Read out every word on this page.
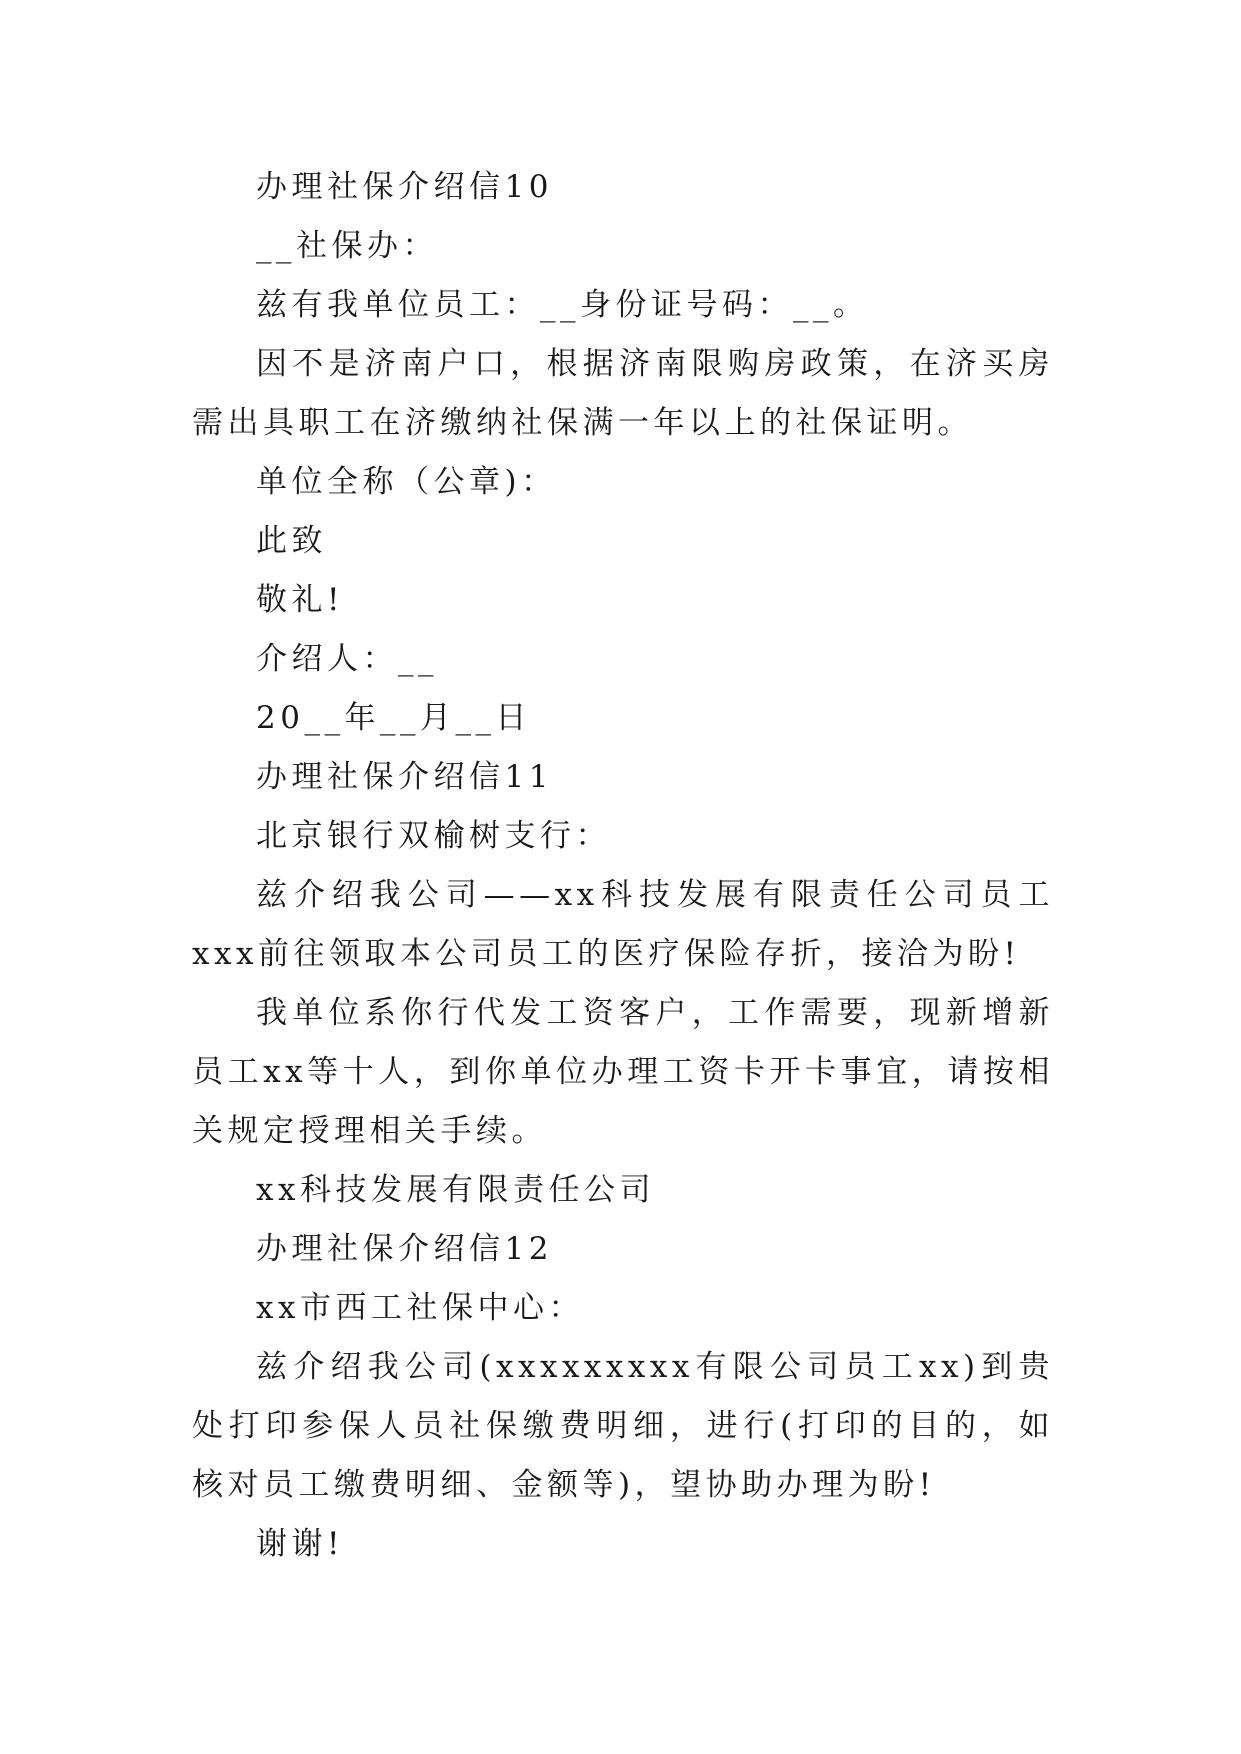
办理社保介绍信10

__社保办：

兹有我单位员工：__身份证号码：__。

因不是济南户口，根据济南限购房政策，在济买房需出具职工在济缴纳社保满一年以上的社保证明。

单位全称（公章)：

此致

敬礼!

介绍人：__

20__年__月__日

办理社保介绍信11

北京银行双榆树支行：

兹介绍我公司——xx科技发展有限责任公司员工xxx前往领取本公司员工的医疗保险存折，接洽为盼!

我单位系你行代发工资客户，工作需要，现新增新员工xx等十人，到你单位办理工资卡开卡事宜，请按相关规定授理相关手续。

xx科技发展有限责任公司

办理社保介绍信12

xx市西工社保中心：

兹介绍我公司(xxxxxxxxx有限公司员工xx)到贵处打印参保人员社保缴费明细，进行(打印的目的，如核对员工缴费明细、金额等)，望协助办理为盼!

谢谢!
